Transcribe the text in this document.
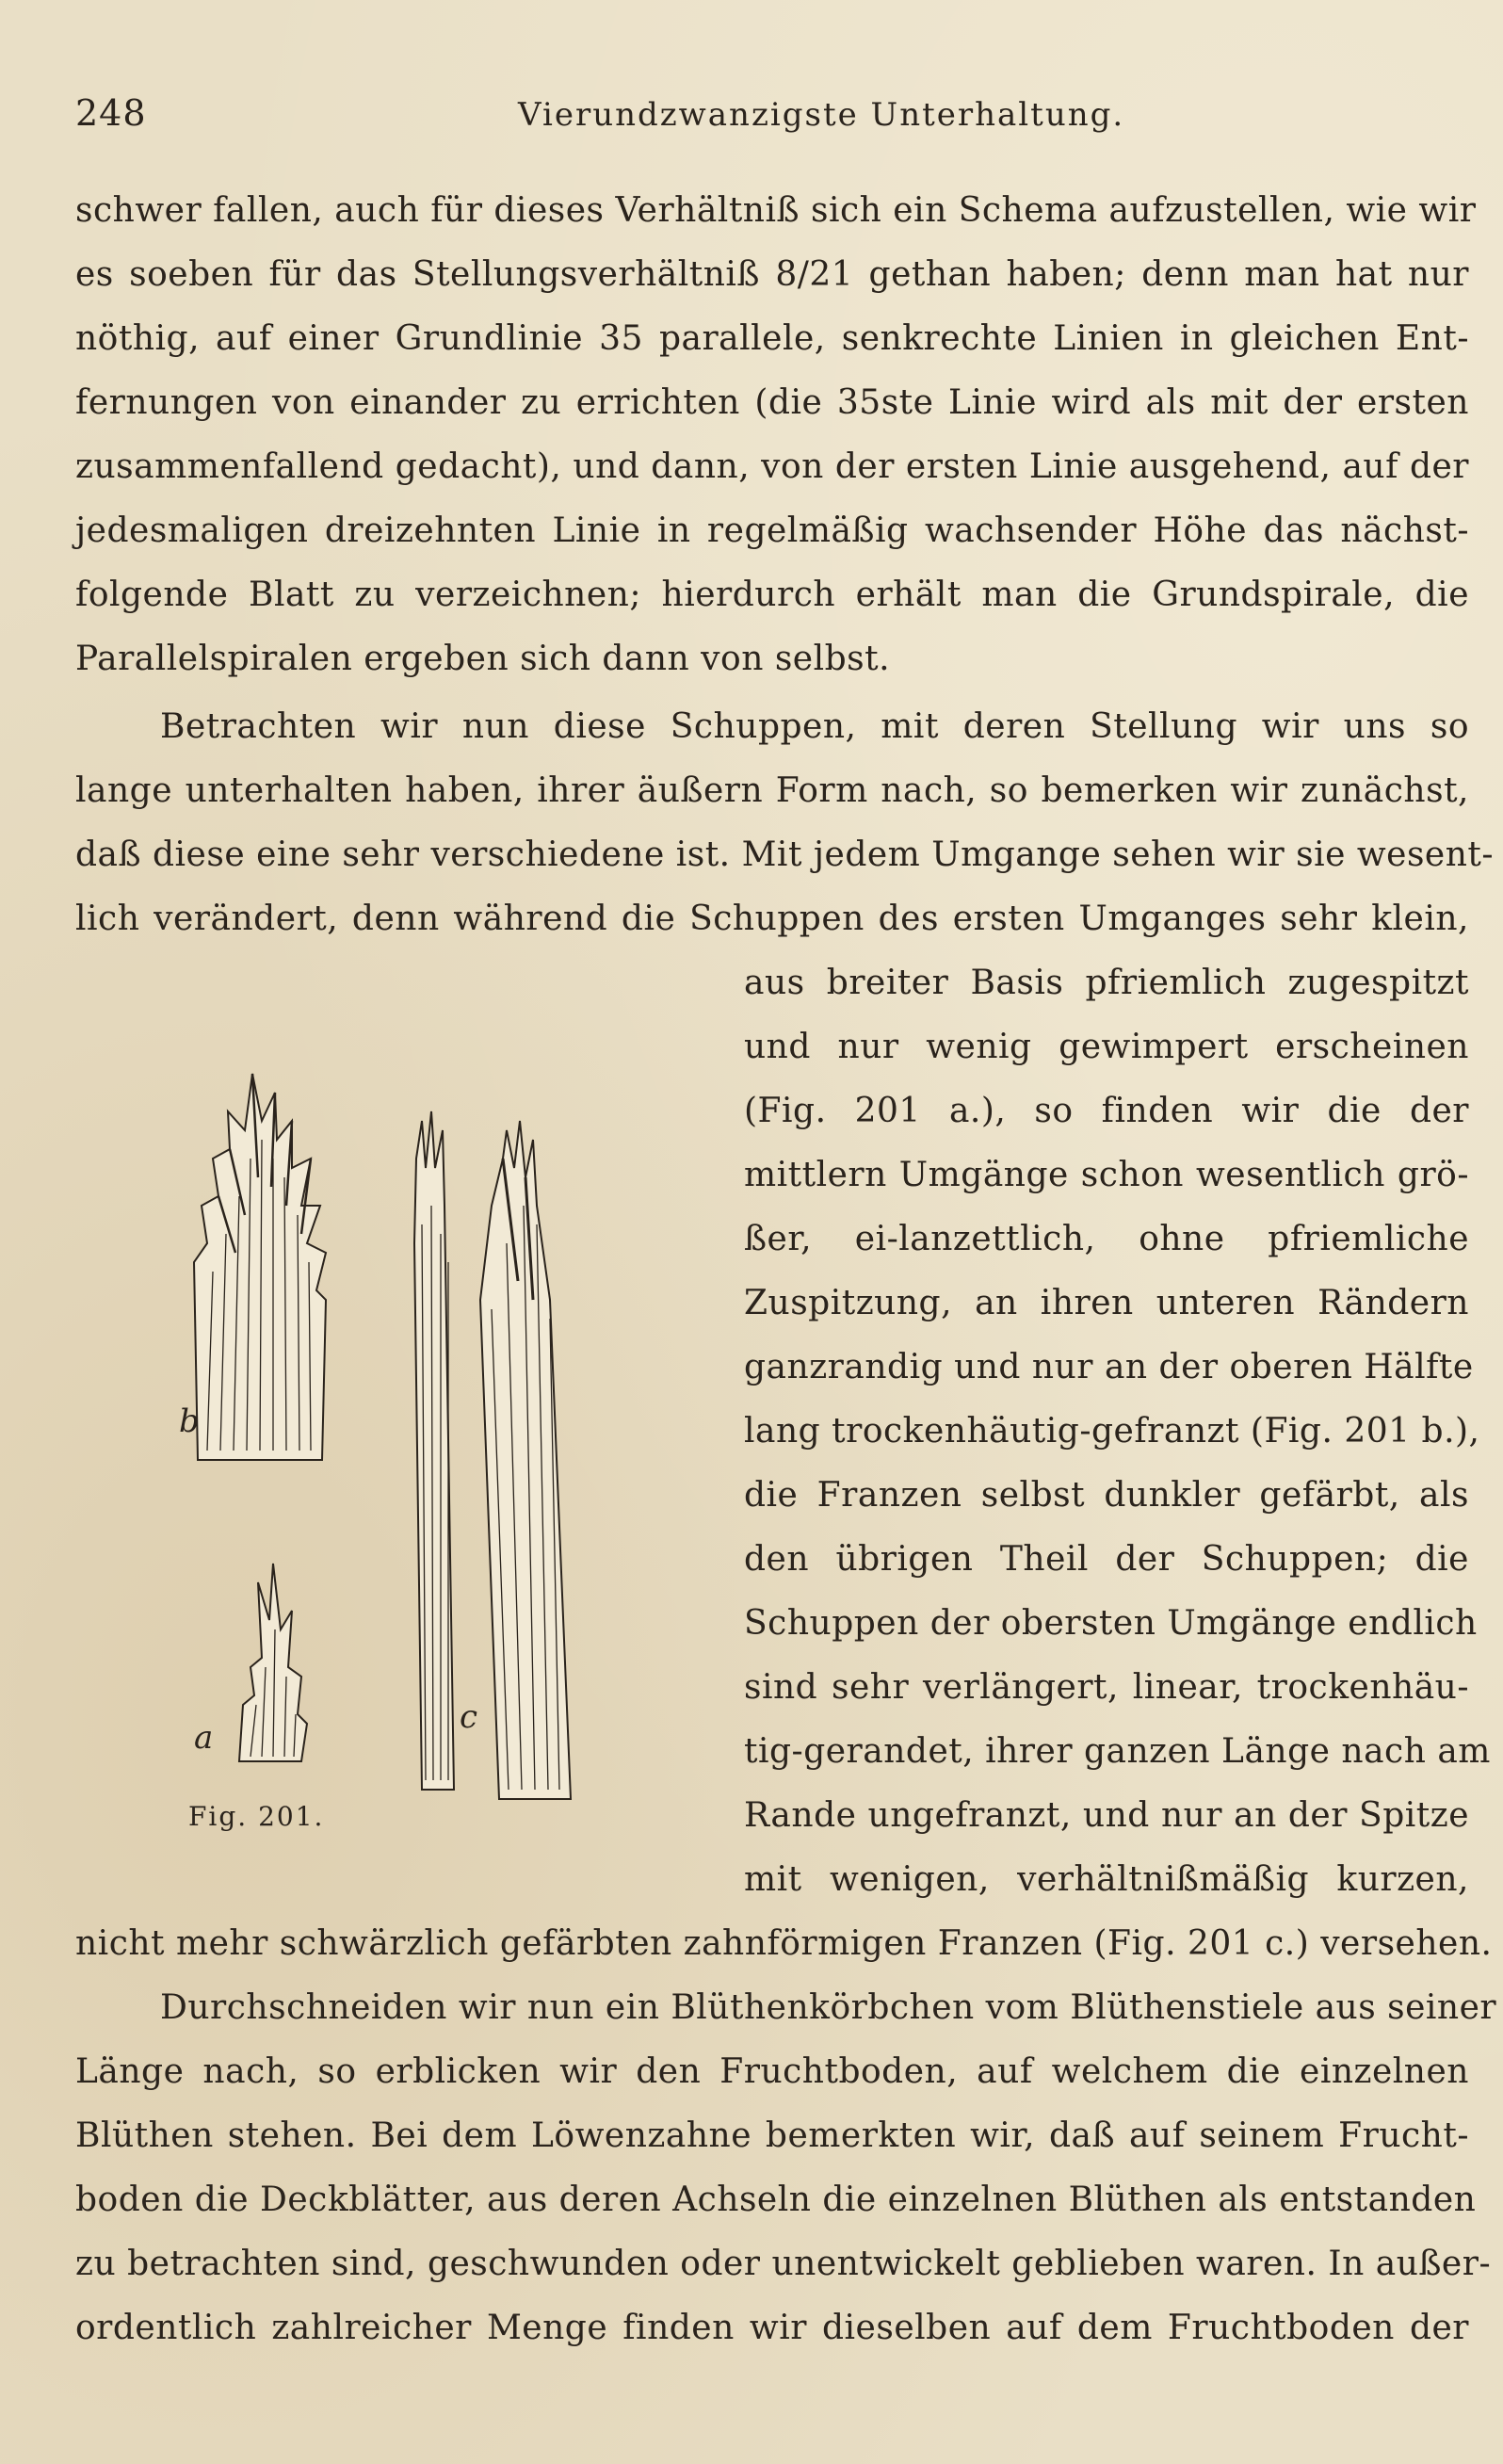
248	Vierundzwanzigste Unterhaltung.
schwer fallen, auch für dieses Verhältniß sich ein Schema aufzustellen, wie wir
es soeben für das Stellungsverhältniß 8/21 gethan haben; denn man hat nur
nöthig, auf einer Grundlinie 35 parallele, senkrechte Linien in gleichen Ent-
fernungen von einander zu errichten (die 35ste Linie wird als mit der ersten
zusammenfallend gedacht), und dann, von der ersten Linie ausgehend, auf der
jedesmaligen dreizehnten Linie in regelmäßig wachsender Höhe das nächst-
folgende Blatt zu verzeichnen; hierdurch erhält man die Grundspirale, die
Parallelspiralen ergeben sich dann von selbst.
Betrachten wir nun diese Schuppen, mit deren Stellung wir uns so
lange unterhalten haben, ihrer äußern Form nach, so bemerken wir zunächst,
daß diese eine sehr verschiedene ist. Mit jedem Umgange sehen wir sie wesent-
lich verändert, denn während die Schuppen des ersten Umganges sehr klein,
aus breiter Basis pfriemlich zugespitzt
und nur wenig gewimpert erscheinen
(Fig. 201 a.), so finden wir die der
mittlern Umgänge schon wesentlich grö-
ßer, ei-lanzettlich, ohne pfriemliche
Zuspitzung, an ihren unteren Rändern
ganzrandig und nur an der oberen Hälfte
lang trockenhäutig-gefranzt (Fig. 201 b.),
die Franzen selbst dunkler gefärbt, als
den übrigen Theil der Schuppen; die
Schuppen der obersten Umgänge endlich
sind sehr verlängert, linear, trockenhäu-
tig-gerandet, ihrer ganzen Länge nach am
Rande ungefranzt, und nur an der Spitze
mit wenigen, verhältnißmäßig kurzen,
b
a
c
Fig. 201.
nicht mehr schwärzlich gefärbten zahnförmigen Franzen (Fig. 201 c.) versehen.
Durchschneiden wir nun ein Blüthenkörbchen vom Blüthenstiele aus seiner
Länge nach, so erblicken wir den Fruchtboden, auf welchem die einzelnen
Blüthen stehen. Bei dem Löwenzahne bemerkten wir, daß auf seinem Frucht-
boden die Deckblätter, aus deren Achseln die einzelnen Blüthen als entstanden
zu betrachten sind, geschwunden oder unentwickelt geblieben waren. In außer-
ordentlich zahlreicher Menge finden wir dieselben auf dem Fruchtboden der
